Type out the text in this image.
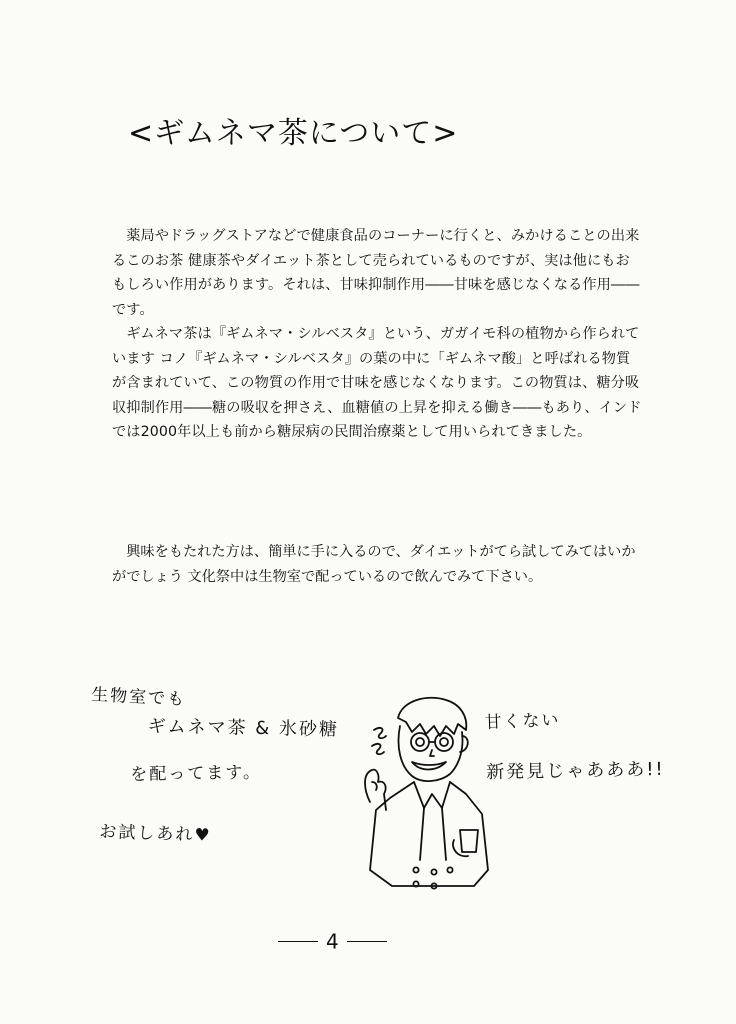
<ギムネマ茶について>

薬局やドラッグストアなどで健康食品のコーナーに行くと、みかけることの出来るこのお茶 健康茶やダイエット茶として売られているものですが、実は他にもおもしろい作用があります。それは、甘味抑制作用――甘味を感じなくなる作用――です。

ギムネマ茶は『ギムネマ・シルベスタ』という、ガガイモ科の植物から作られています コノ『ギムネマ・シルベスタ』の葉の中に「ギムネマ酸」と呼ばれる物質が含まれていて、この物質の作用で甘味を感じなくなります。この物質は、糖分吸収抑制作用――糖の吸収を押さえ、血糖値の上昇を抑える働き――もあり、インドでは2000年以上も前から糖尿病の民間治療薬として用いられてきました。

興味をもたれた方は、簡単に手に入るので、ダイエットがてら試してみてはいかがでしょう 文化祭中は生物室で配っているので飲んでみて下さい。

生物室でも
ギムネマ茶 & 氷砂糖
を配ってます。
お試しあれ♥
甘くない
新発見じゃあああ!!
4
